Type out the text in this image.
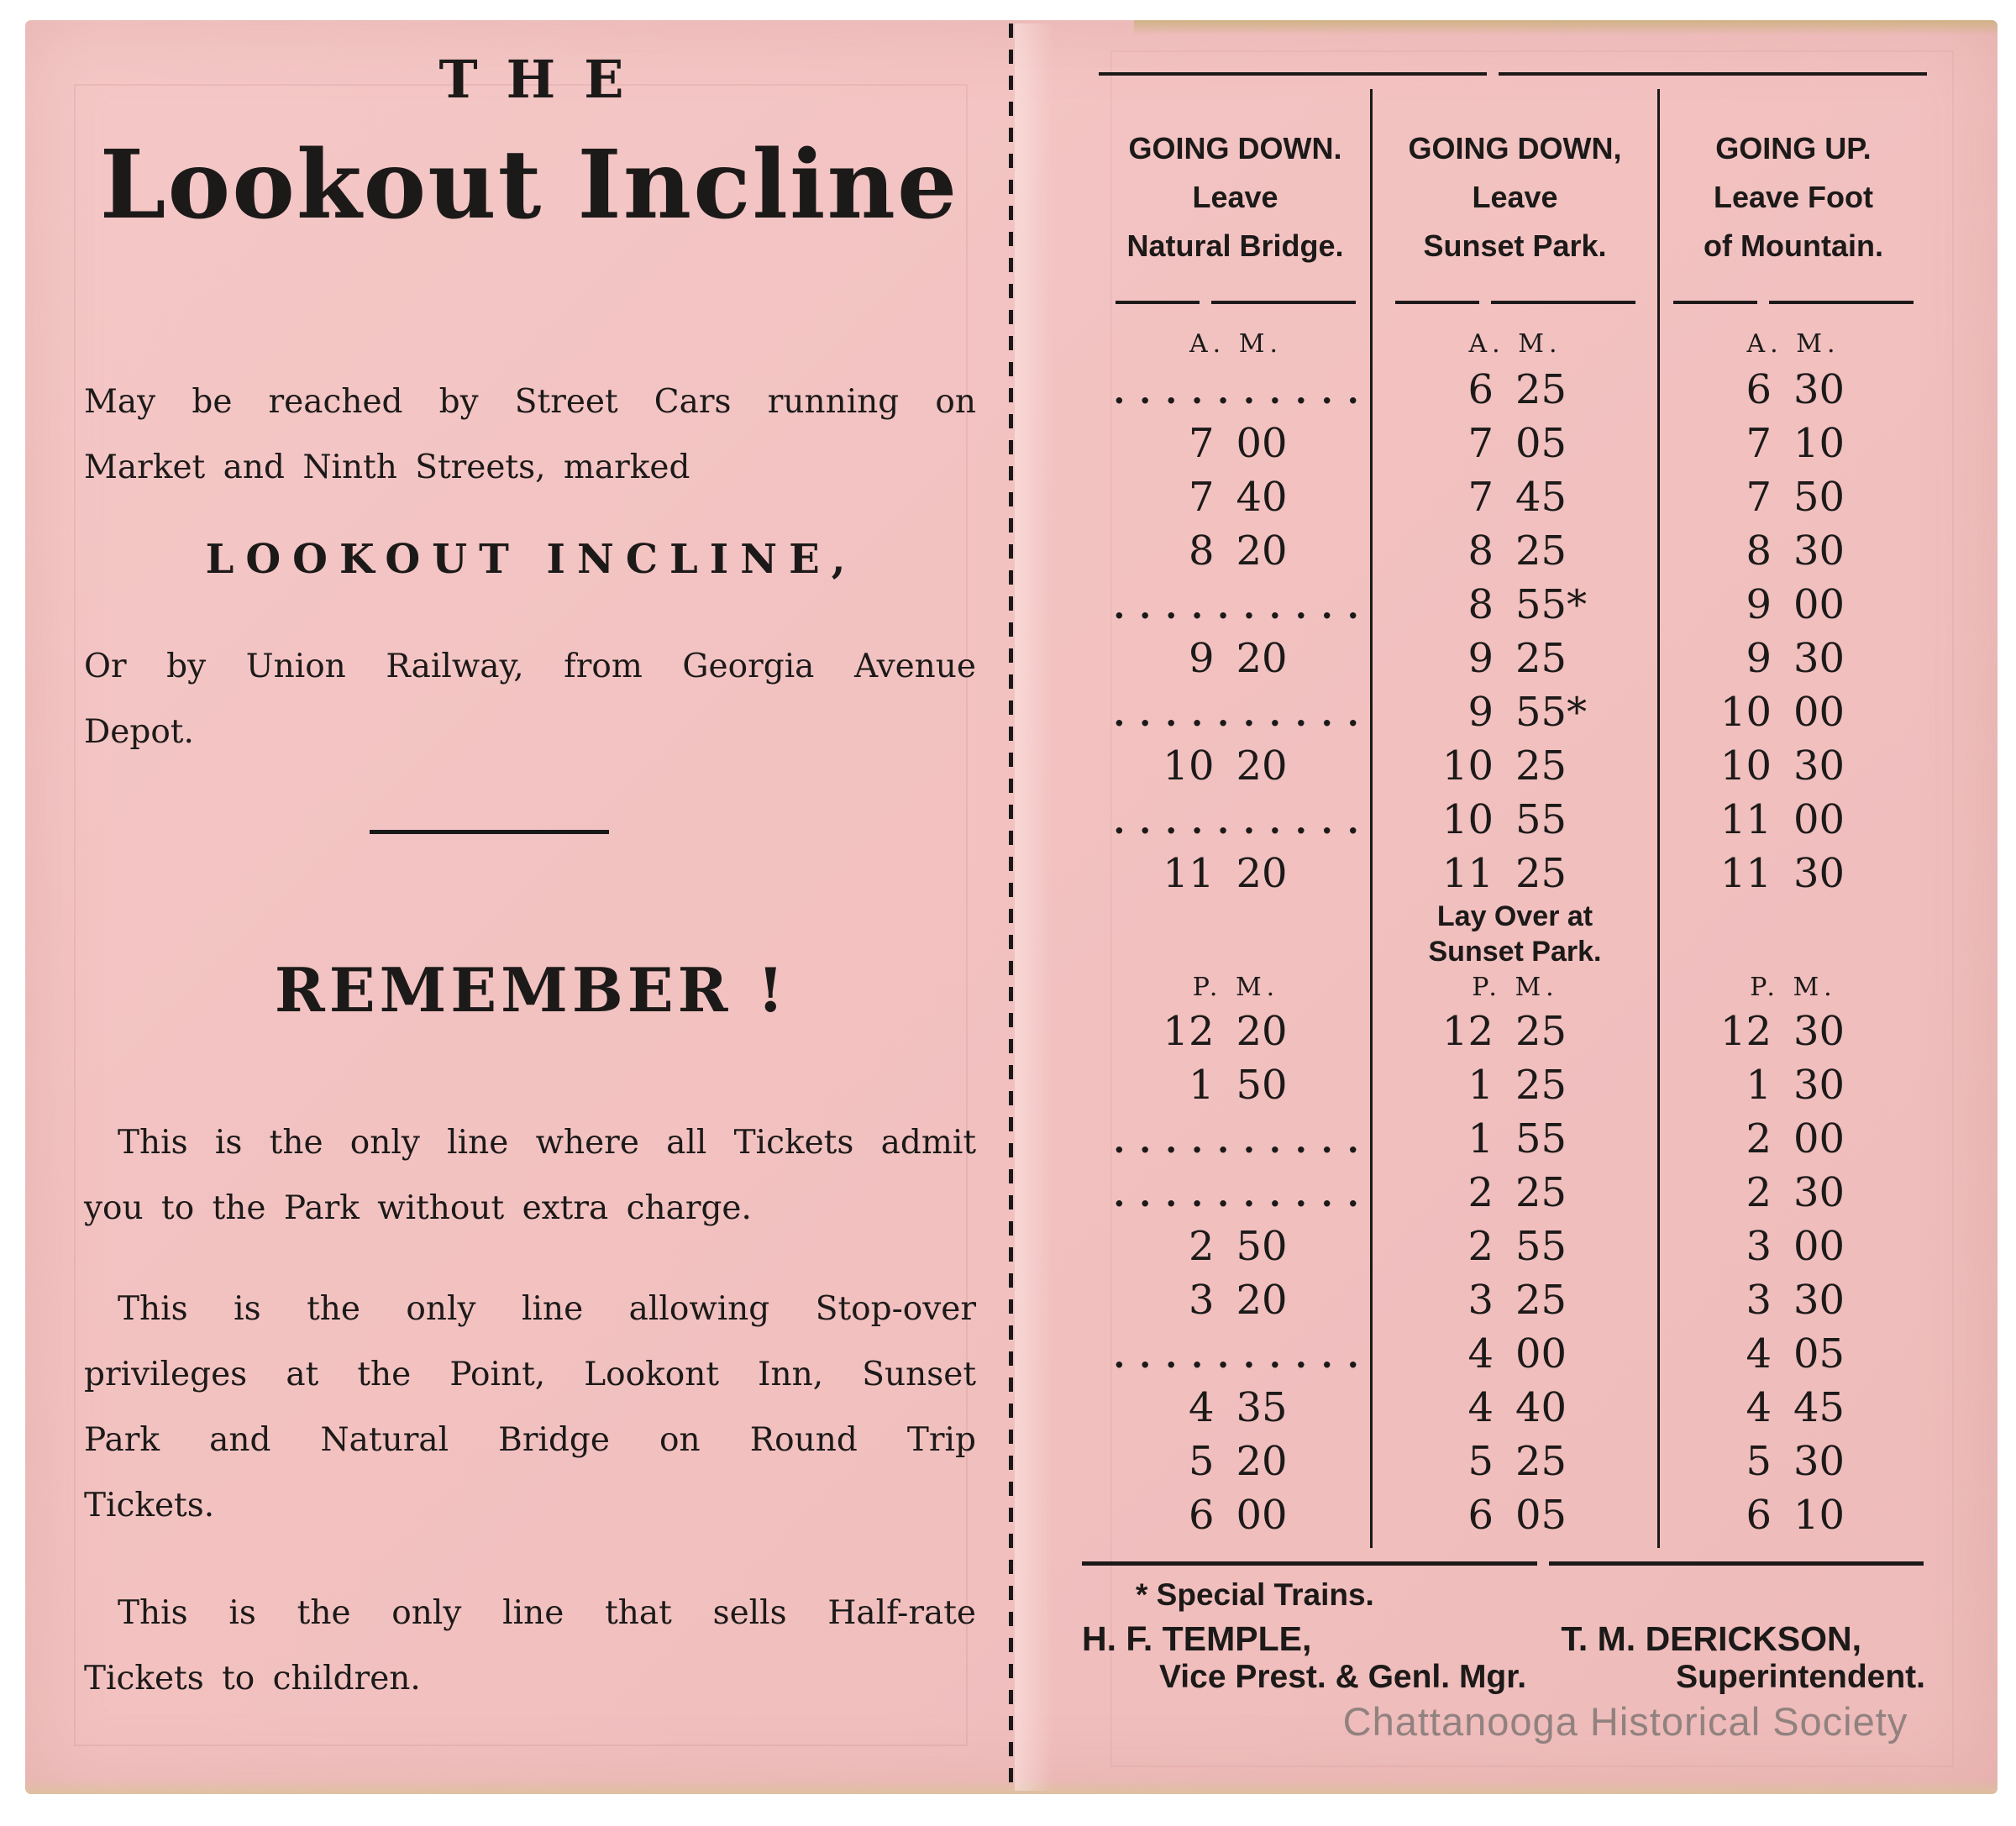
THE
Lookout Incline
May be reached by Street Cars running on
Market and Ninth Streets, marked
LOOKOUT INCLINE,
Or by Union Railway, from Georgia Avenue
Depot.
REMEMBER !
This is the only line where all Tickets admit
you to the Park without extra charge.
This is the only line allowing Stop-over
privileges at the Point, Lookont Inn, Sunset
Park and Natural Bridge on Round Trip
Tickets.
This is the only line that sells Half-rate
Tickets to children.
GOING DOWN.
Leave
Natural Bridge.
GOING DOWN,
Leave
Sunset Park.
GOING UP.
Leave Foot
of Mountain.
A. M.	A. M.	A. M.
..........	6 25	6 30
7 00	7 05	7 10
7 40	7 45	7 50
8 20	8 25	8 30
..........	8 55*	9 00
9 20	9 25	9 30
..........	9 55*	10 00
10 20	10 25	10 30
.......... 10 55	11 00
11 20	11 25	11 30
Lay Over at
Sunset Park.
P. M.	P. M.	P. M.
12 20	12 25	12 30
1 50	1 25	1 30
..........	1 55	2 00
..........	2 25	2 30
2 50	2 55	3 00
3 20	3 25	3 30
..........	4 00	4 05
4 35	4 40	4 45
5 20	5 25	5 30
6 00	6 05	6 10
* Special Trains.
H. F. TEMPLE,
Vice Prest. & Genl. Mgr.
T. M. DERICKSON,
Superintendent.
Chattanooga Historical Society
